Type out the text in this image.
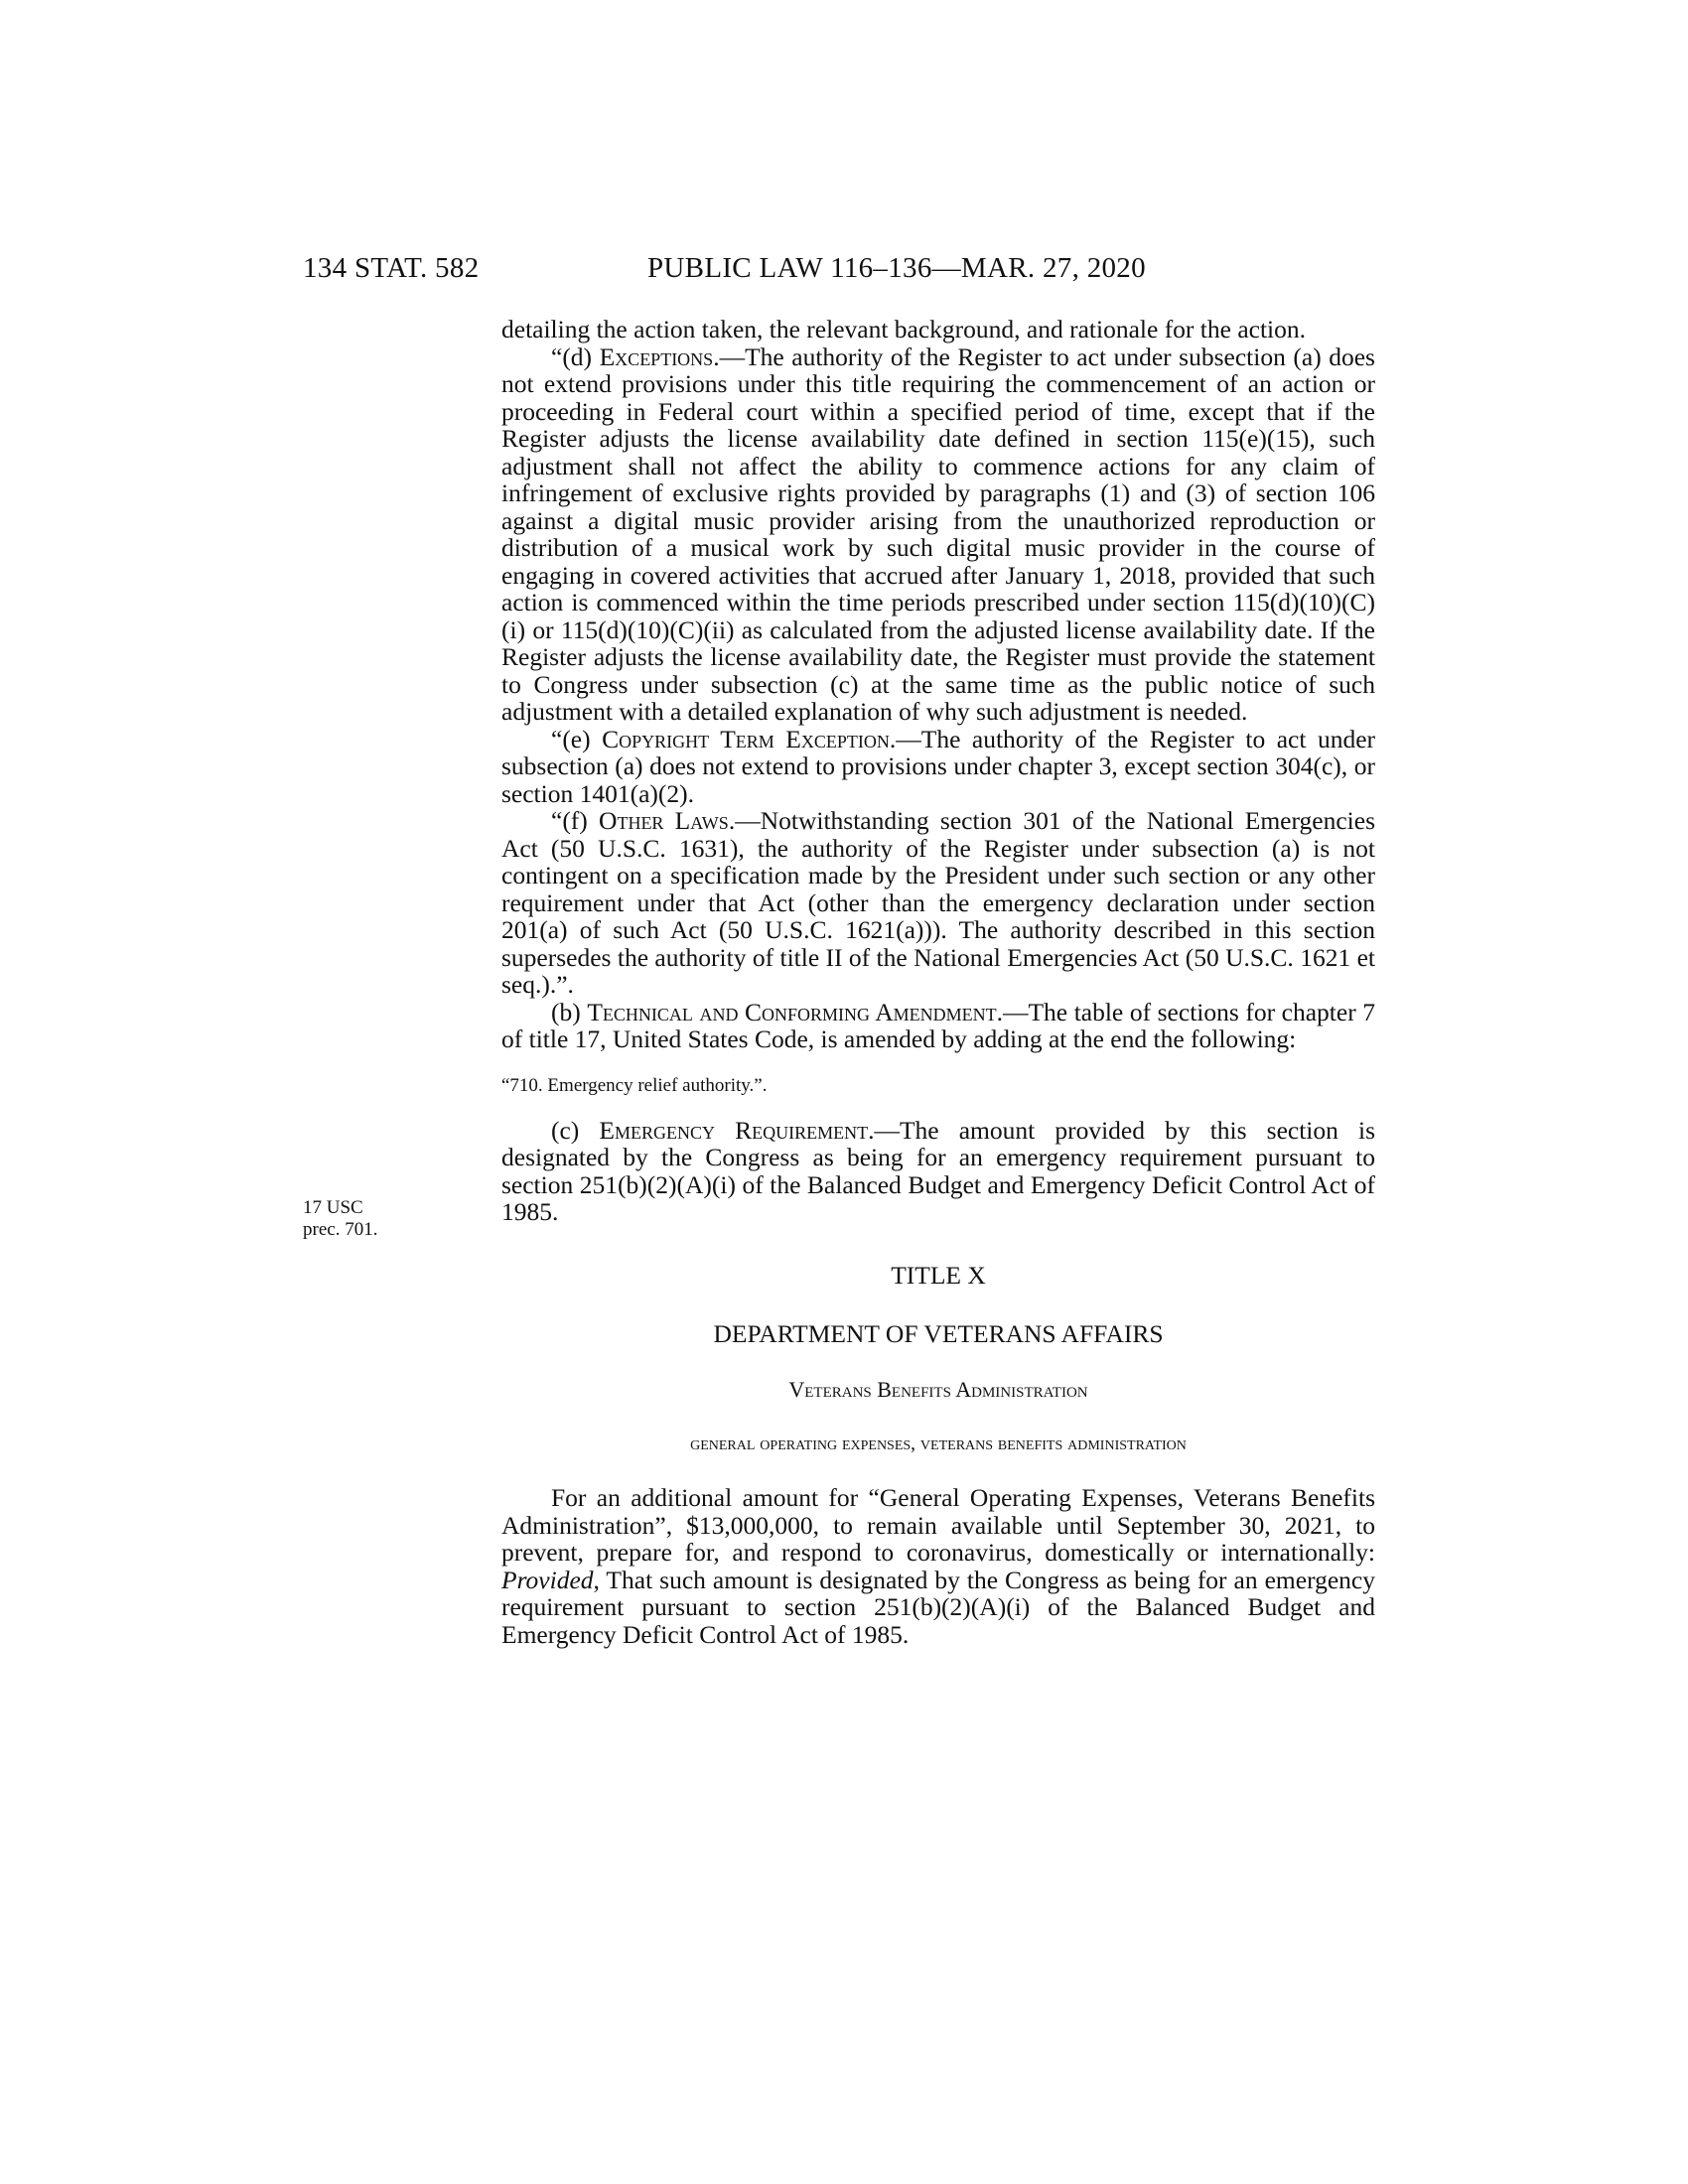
134 STAT. 582	PUBLIC LAW 116–136—MAR. 27, 2020
17 USC
prec. 701.

detailing the action taken, the relevant background, and rationale for the action.

“(d) Exceptions.—The authority of the Register to act under subsection (a) does not extend provisions under this title requiring the commencement of an action or proceeding in Federal court within a specified period of time, except that if the Register adjusts the license availability date defined in section 115(e)(15), such adjustment shall not affect the ability to commence actions for any claim of infringement of exclusive rights provided by paragraphs (1) and (3) of section 106 against a digital music provider arising from the unauthorized reproduction or distribution of a musical work by such digital music provider in the course of engaging in covered activities that accrued after January 1, 2018, provided that such action is commenced within the time periods prescribed under section 115(d)(10)(C)(i) or 115(d)(10)(C)(ii) as calculated from the adjusted license availability date. If the Register adjusts the license availability date, the Register must provide the statement to Congress under subsection (c) at the same time as the public notice of such adjustment with a detailed explanation of why such adjustment is needed.

“(e) Copyright Term Exception.—The authority of the Register to act under subsection (a) does not extend to provisions under chapter 3, except section 304(c), or section 1401(a)(2).

“(f) Other Laws.—Notwithstanding section 301 of the National Emergencies Act (50 U.S.C. 1631), the authority of the Register under subsection (a) is not contingent on a specification made by the President under such section or any other requirement under that Act (other than the emergency declaration under section 201(a) of such Act (50 U.S.C. 1621(a))). The authority described in this section supersedes the authority of title II of the National Emergencies Act (50 U.S.C. 1621 et seq.).”.

(b) Technical and Conforming Amendment.—The table of sections for chapter 7 of title 17, United States Code, is amended by adding at the end the following:

“710. Emergency relief authority.”.

(c) Emergency Requirement.—The amount provided by this section is designated by the Congress as being for an emergency requirement pursuant to section 251(b)(2)(A)(i) of the Balanced Budget and Emergency Deficit Control Act of 1985.

TITLE X

DEPARTMENT OF VETERANS AFFAIRS

Veterans Benefits Administration

general operating expenses, veterans benefits administration

For an additional amount for “General Operating Expenses, Veterans Benefits Administration”, $13,000,000, to remain available until September 30, 2021, to prevent, prepare for, and respond to coronavirus, domestically or internationally: Provided, That such amount is designated by the Congress as being for an emergency requirement pursuant to section 251(b)(2)(A)(i) of the Balanced Budget and Emergency Deficit Control Act of 1985.
